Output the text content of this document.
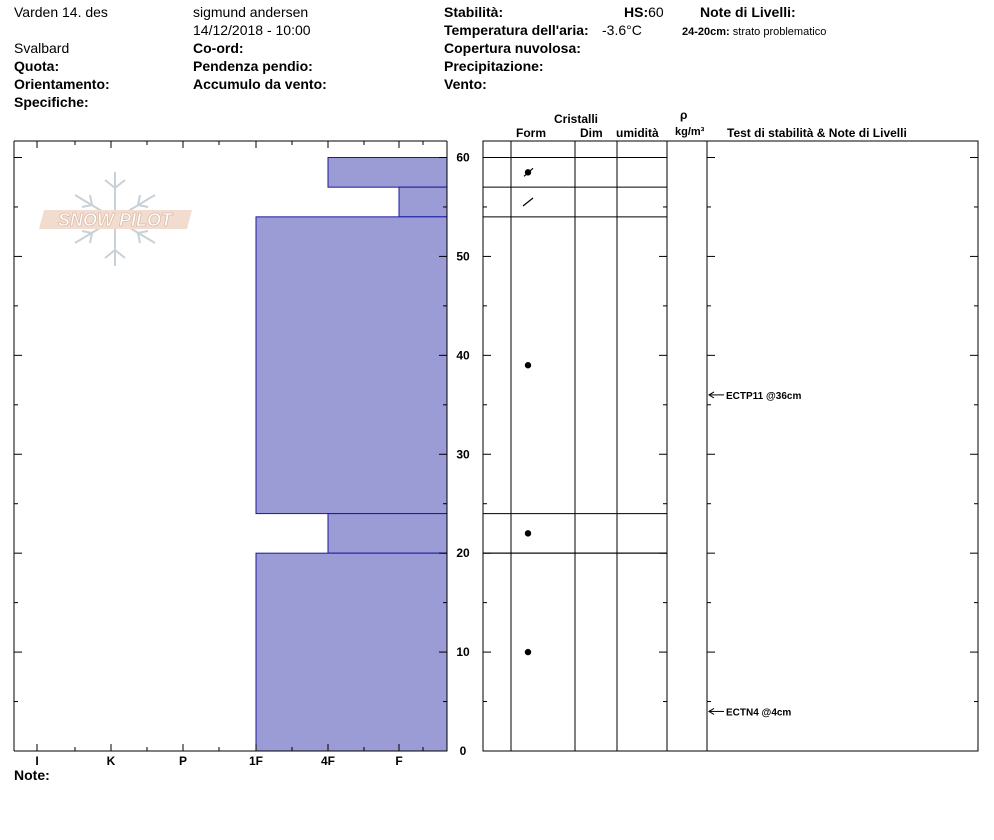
Varden 14. des
Svalbard
Quota:
Orientamento:
Specifiche:
sigmund andersen
14/12/2018 - 10:00
Co-ord:
Pendenza pendio:
Accumulo da vento:
Stabilità:	HS:60
Temperatura dell'aria: -3.6°C
Copertura nuvolosa:
Precipitazione:
Vento:
Note di Livelli:
24-20cm: strato problematico
Cristalli
Form	Dim umidità
ρ
kg/m³ Test di stabilità & Note di Livelli
Note:
SNOW PILOT
I	K	P	1F	4F	F
0
10
20
30
40
50
60
ECTP11 @36cm
ECTN4 @4cm
